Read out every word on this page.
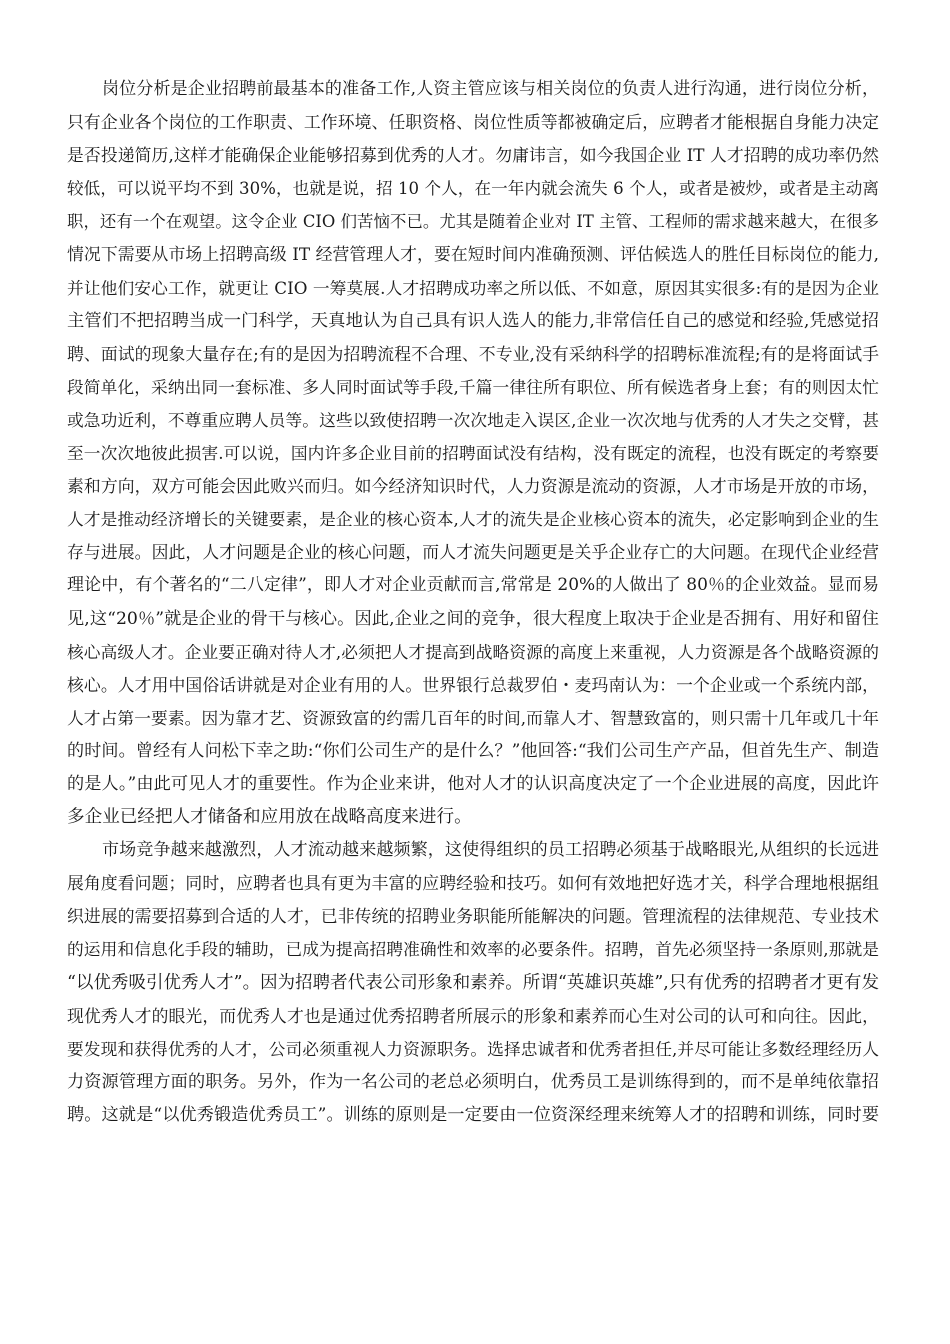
岗位分析是企业招聘前最基本的准备工作,人资主管应该与相关岗位的负责人进行沟通，进行岗位分析，
只有企业各个岗位的工作职责、工作环境、任职资格、岗位性质等都被确定后，应聘者才能根据自身能力决定
是否投递简历,这样才能确保企业能够招募到优秀的人才。勿庸讳言，如今我国企业 IT 人才招聘的成功率仍然
较低，可以说平均不到 30%，也就是说，招 10 个人，在一年内就会流失 6 个人，或者是被炒，或者是主动离
职，还有一个在观望。这令企业 CIO 们苦恼不已。尤其是随着企业对 IT 主管、工程师的需求越来越大，在很多
情况下需要从市场上招聘高级 IT 经营管理人才，要在短时间内准确预测、评估候选人的胜任目标岗位的能力,
并让他们安心工作，就更让 CIO 一筹莫展.人才招聘成功率之所以低、不如意，原因其实很多:有的是因为企业
主管们不把招聘当成一门科学，天真地认为自己具有识人选人的能力,非常信任自己的感觉和经验,凭感觉招
聘、面试的现象大量存在;有的是因为招聘流程不合理、不专业,没有采纳科学的招聘标准流程;有的是将面试手
段简单化，采纳出同一套标准、多人同时面试等手段,千篇一律往所有职位、所有候选者身上套；有的则因太忙
或急功近利，不尊重应聘人员等。这些以致使招聘一次次地走入误区,企业一次次地与优秀的人才失之交臂，甚
至一次次地彼此损害.可以说，国内许多企业目前的招聘面试没有结构，没有既定的流程，也没有既定的考察要
素和方向，双方可能会因此败兴而归。如今经济知识时代，人力资源是流动的资源，人才市场是开放的市场，
人才是推动经济增长的关键要素，是企业的核心资本,人才的流失是企业核心资本的流失，必定影响到企业的生
存与进展。因此，人才问题是企业的核心问题，而人才流失问题更是关乎企业存亡的大问题。在现代企业经营
理论中，有个著名的“二八定律”，即人才对企业贡献而言,常常是 20%的人做出了 80％的企业效益。显而易
见,这“20％”就是企业的骨干与核心。因此,企业之间的竞争，很大程度上取决于企业是否拥有、用好和留住
核心高级人才。企业要正确对待人才,必须把人才提高到战略资源的高度上来重视，人力资源是各个战略资源的
核心。人才用中国俗话讲就是对企业有用的人。世界银行总裁罗伯・麦玛南认为：一个企业或一个系统内部，
人才占第一要素。因为靠才艺、资源致富的约需几百年的时间,而靠人才、智慧致富的，则只需十几年或几十年
的时间。曾经有人问松下幸之助:“你们公司生产的是什么？”他回答:“我们公司生产产品，但首先生产、制造
的是人。”由此可见人才的重要性。作为企业来讲，他对人才的认识高度决定了一个企业进展的高度，因此许
多企业已经把人才储备和应用放在战略高度来进行。
市场竞争越来越激烈，人才流动越来越频繁，这使得组织的员工招聘必须基于战略眼光,从组织的长远进
展角度看问题；同时，应聘者也具有更为丰富的应聘经验和技巧。如何有效地把好选才关，科学合理地根据组
织进展的需要招募到合适的人才，已非传统的招聘业务职能所能解决的问题。管理流程的法律规范、专业技术
的运用和信息化手段的辅助，已成为提高招聘准确性和效率的必要条件。招聘，首先必须坚持一条原则,那就是
“以优秀吸引优秀人才”。因为招聘者代表公司形象和素养。所谓“英雄识英雄”,只有优秀的招聘者才更有发
现优秀人才的眼光，而优秀人才也是通过优秀招聘者所展示的形象和素养而心生对公司的认可和向往。因此，
要发现和获得优秀的人才，公司必须重视人力资源职务。选择忠诚者和优秀者担任,并尽可能让多数经理经历人
力资源管理方面的职务。另外，作为一名公司的老总必须明白，优秀员工是训练得到的，而不是单纯依靠招
聘。这就是“以优秀锻造优秀员工”。训练的原则是一定要由一位资深经理来统筹人才的招聘和训练，同时要
